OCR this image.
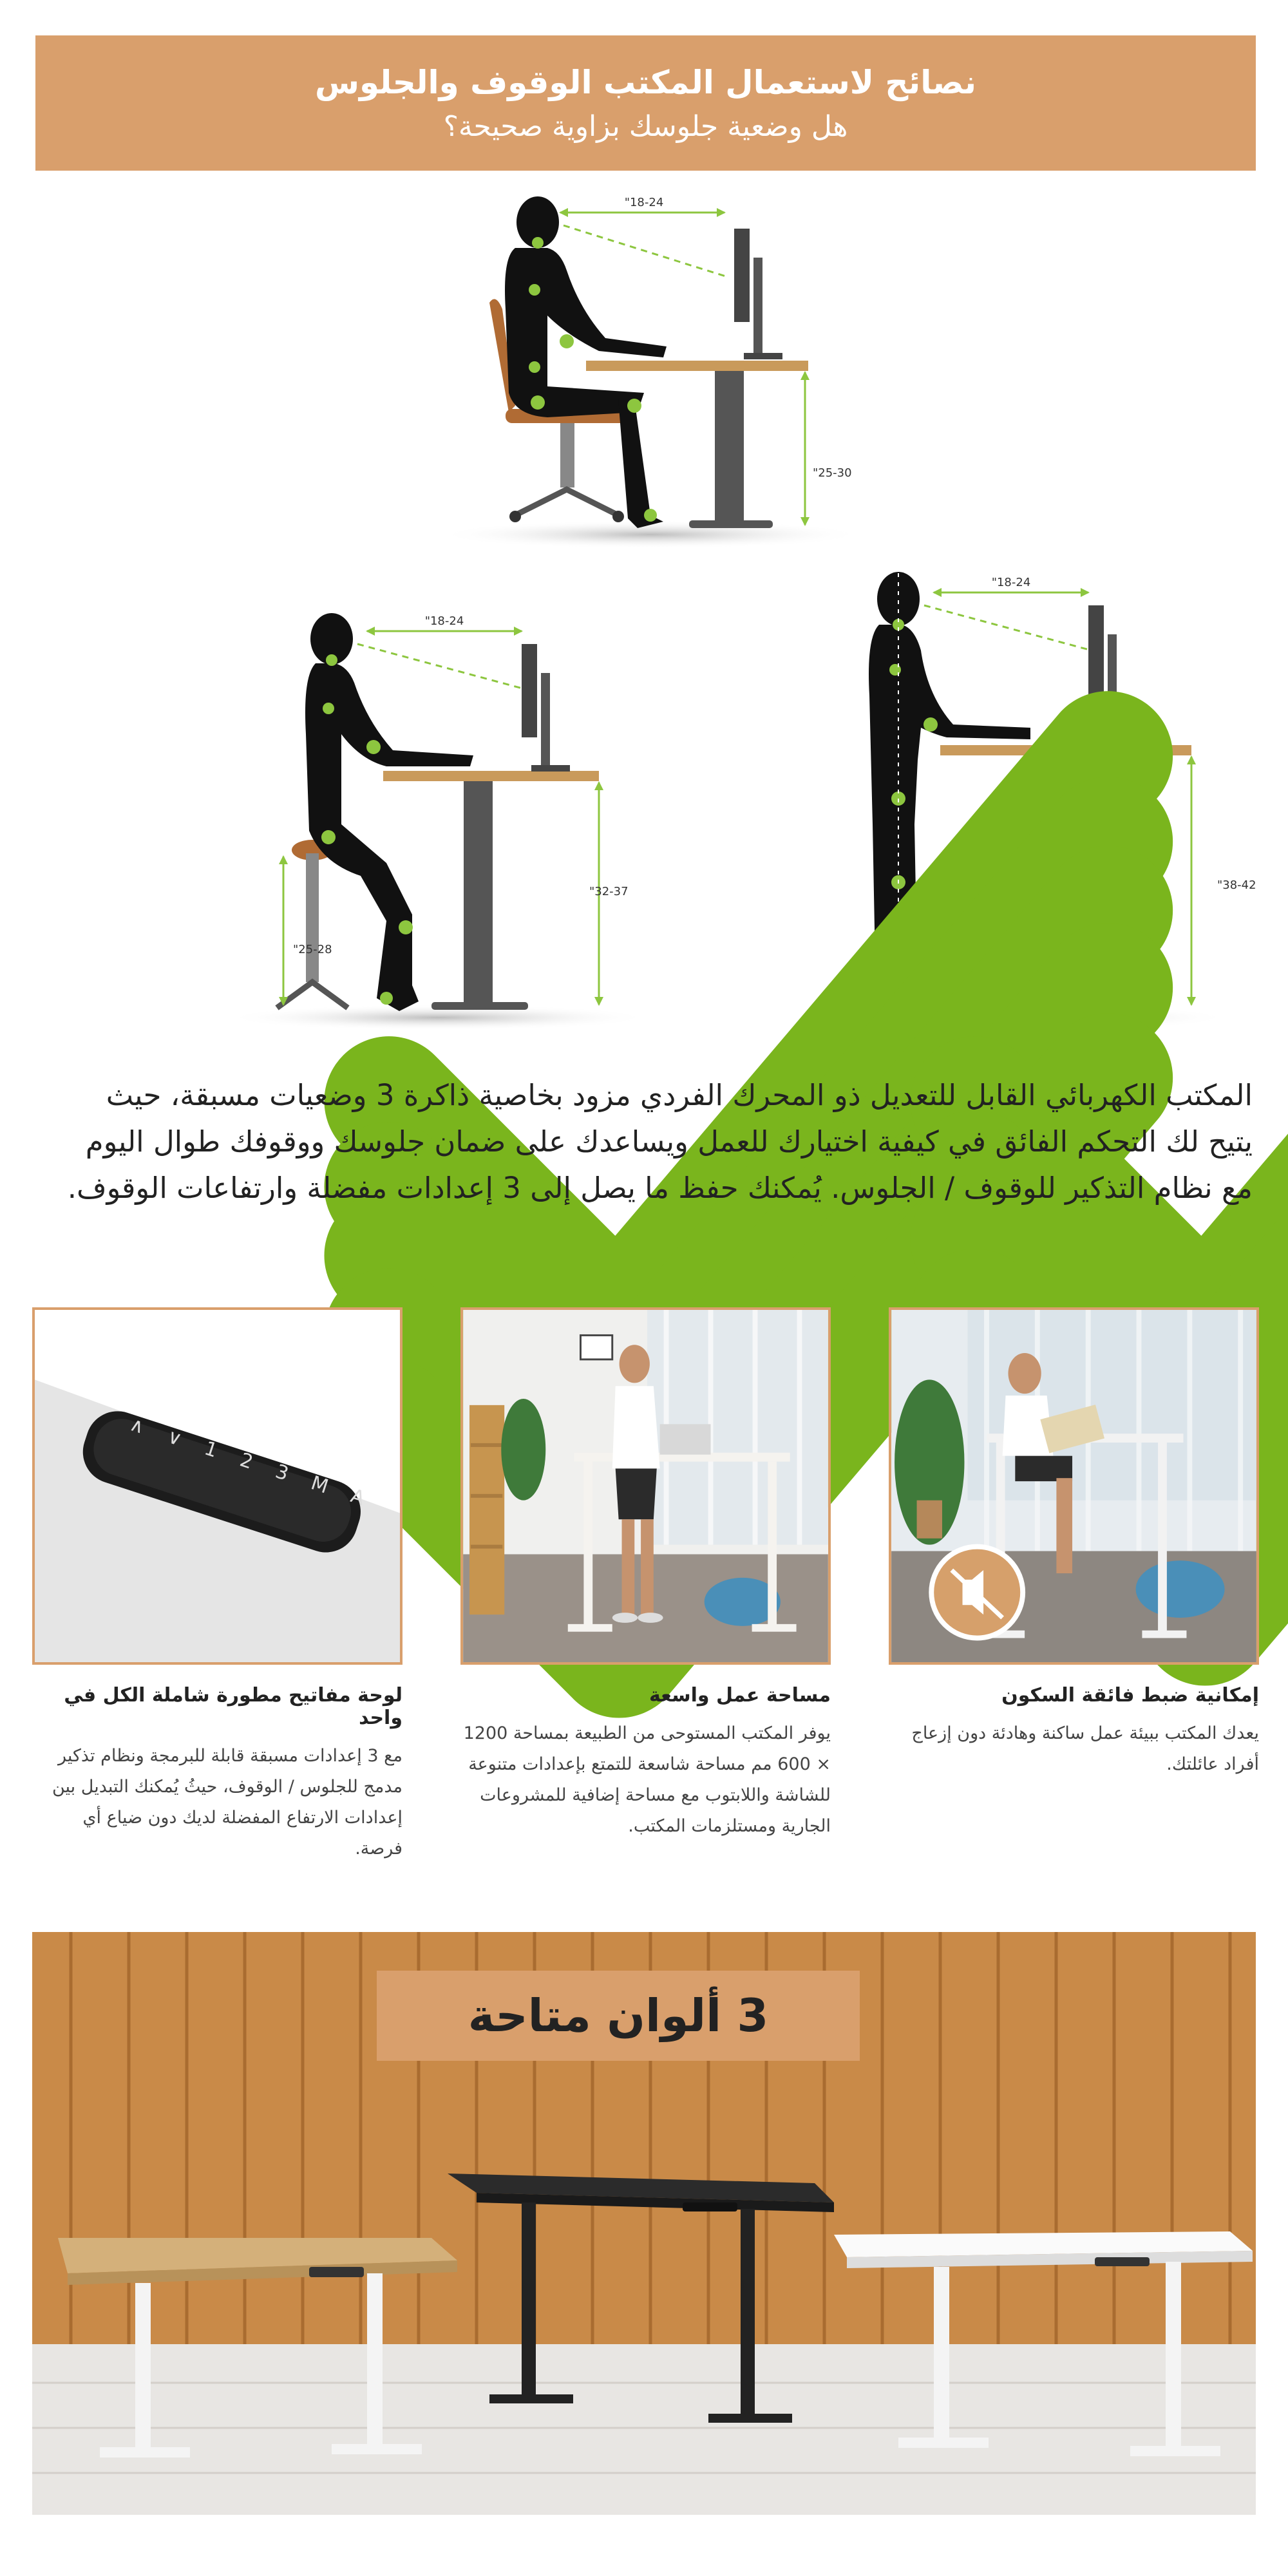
نصائح لاستعمال المكتب الوقوف والجلوس
هل وضعية جلوسك بزاوية صحيحة؟
18-24"
25-30"
18-24"
32-37"
25-28"
18-24"
38-42"

المكتب الكهربائي القابل للتعديل ذو المحرك الفردي مزود بخاصية ذاكرة 3 وضعيات مسبقة، حيث يتيح لك التحكم الفائق في كيفية اختيارك للعمل ويساعدك على ضمان جلوسك ووقوفك طوال اليوم مع نظام التذكير للوقوف / الجلوس. يُمكنك حفظ ما يصل إلى 3 إعدادات مفضلة وارتفاعات الوقوف.

إمكانية ضبط فائقة السكون
يعدك المكتب ببيئة عمل ساكنة وهادئة دون إزعاج أفراد عائلتك.
مساحة عمل واسعة
يوفر المكتب المستوحى من الطبيعة بمساحة 1200 × 600 مم مساحة شاسعة للتمتع بإعدادات متنوعة للشاشة واللابتوب مع مساحة إضافية للمشروعات الجارية ومستلزمات المكتب.
∧ ∨ 1 2 3 M A
لوحة مفاتيح مطورة شاملة الكل في واحد
مع 3 إعدادات مسبقة قابلة للبرمجة ونظام تذكير مدمج للجلوس / الوقوف، حيثُ يُمكنك التبديل بين إعدادات الارتفاع المفضلة لديك دون ضياع أي فرصة.
3 ألوان متاحة
